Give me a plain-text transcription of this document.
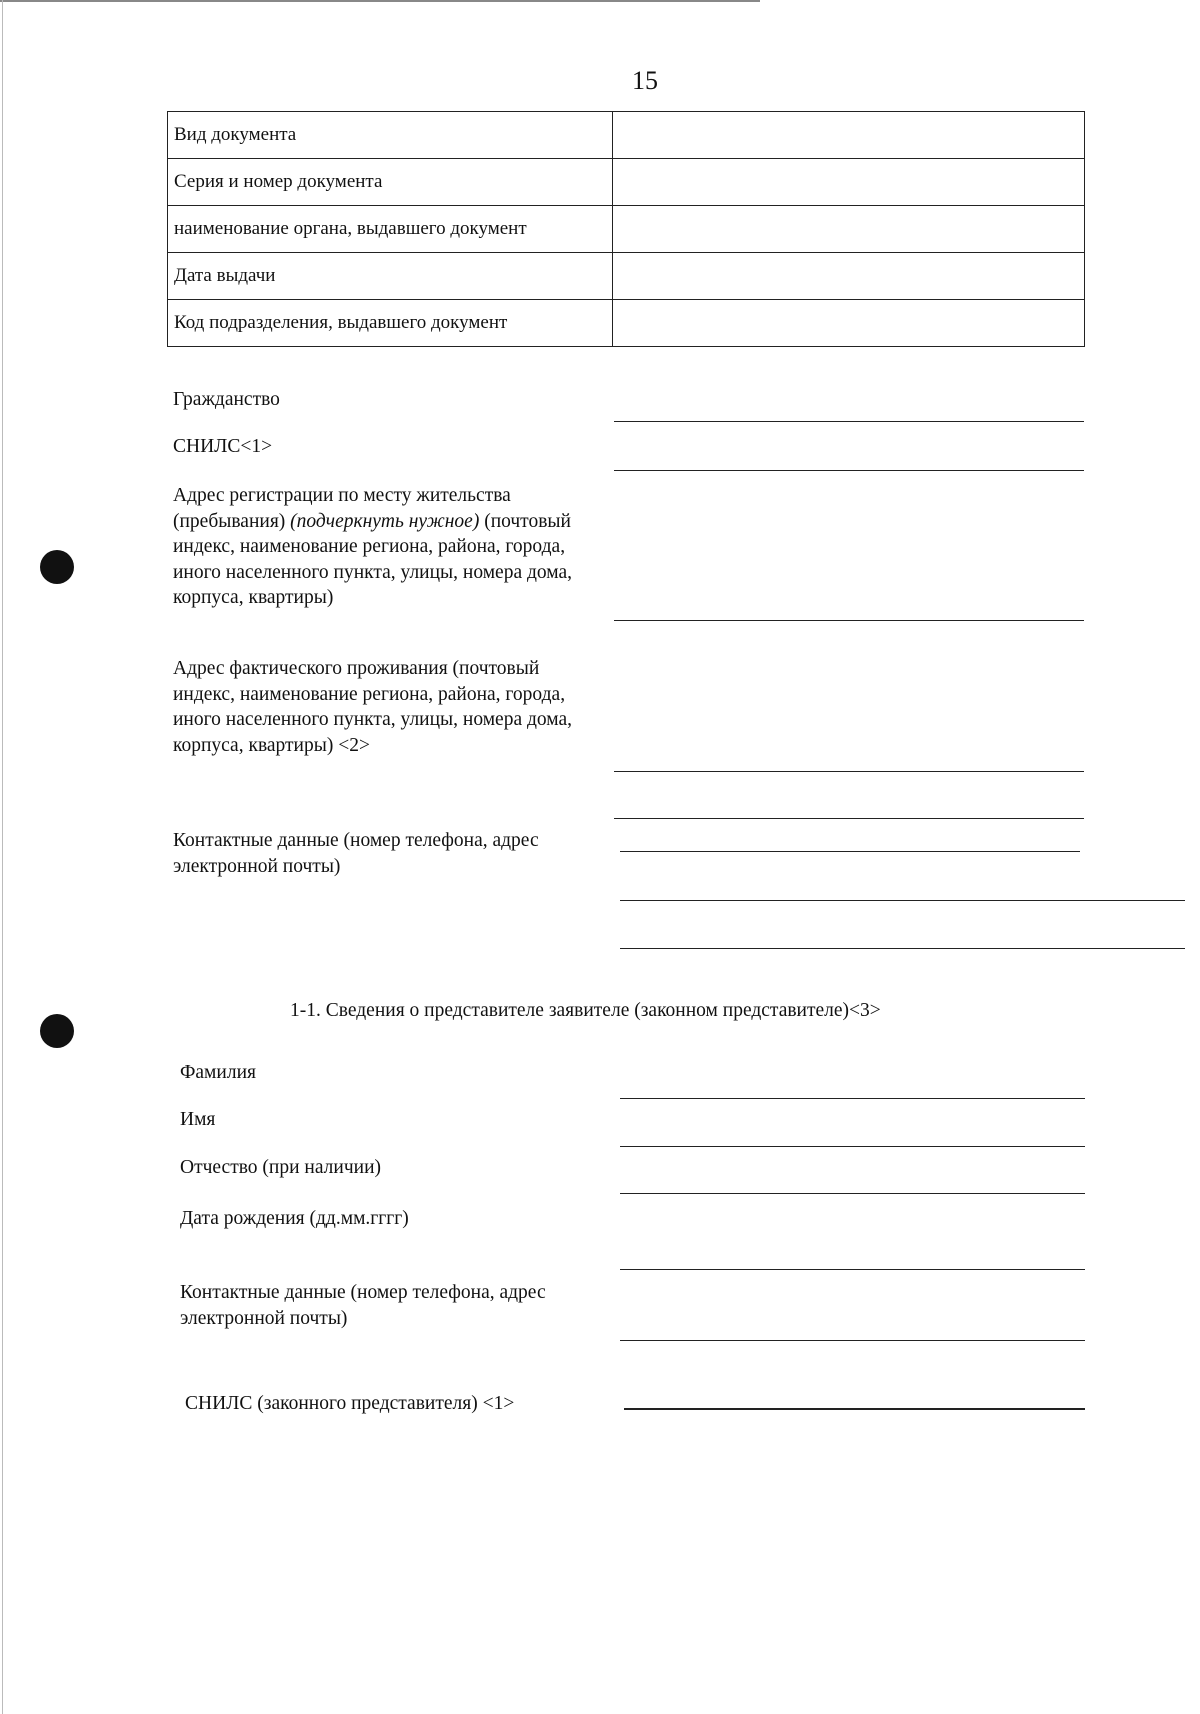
15
Вид документа	
Серия и номер документа	
наименование органа, выдавшего документ	
Дата выдачи	
Код подразделения, выдавшего документ	
Гражданство
СНИЛС<1>
Адрес регистрации по месту жительства (пребывания) (подчеркнуть нужное) (почтовый индекс, наименование региона, района, города, иного населенного пункта, улицы, номера дома, корпуса, квартиры)
Адрес фактического проживания (почтовый индекс, наименование региона, района, города, иного населенного пункта, улицы, номера дома, корпуса, квартиры) <2>
Контактные данные (номер телефона, адрес электронной почты)
1-1. Сведения о представителе заявителе (законном представителе)<3>
Фамилия
Имя
Отчество (при наличии)
Дата рождения (дд.мм.гггг)
Контактные данные (номер телефона, адрес электронной почты)
СНИЛС (законного представителя) <1>
